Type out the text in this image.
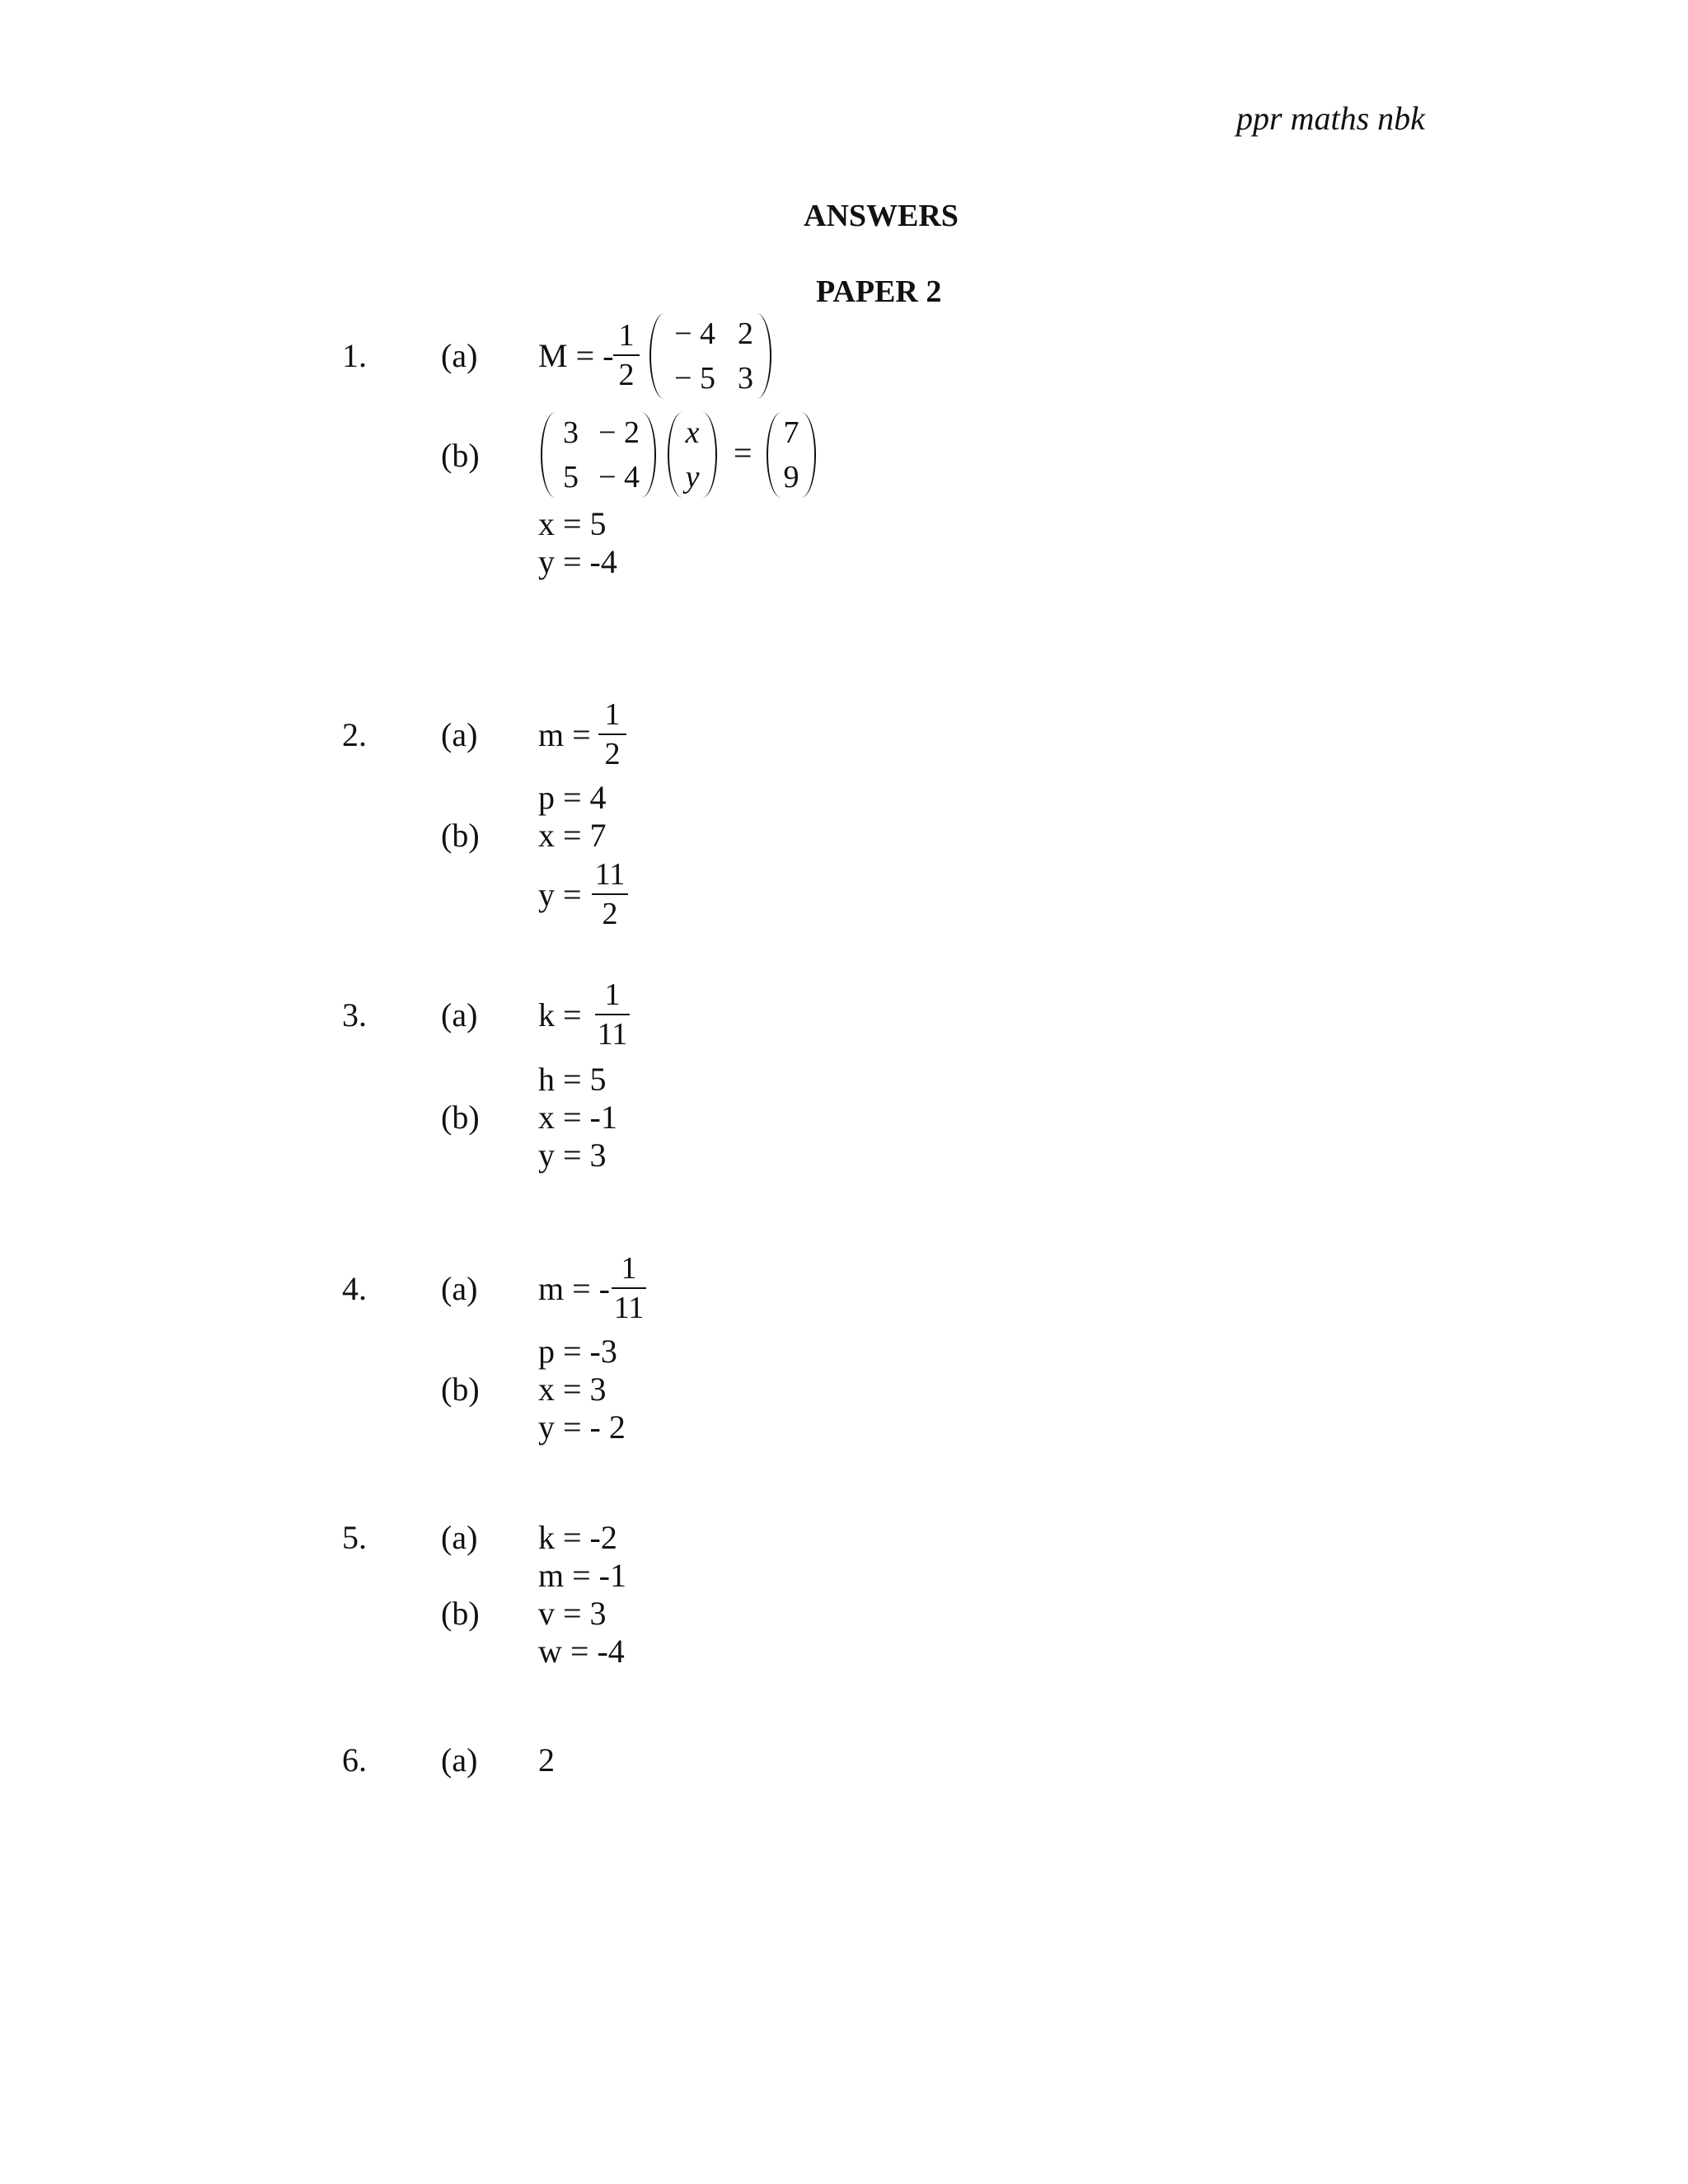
ppr maths nbk
ANSWERS
PAPER 2
1. (a) M = -
1
2
− 4 2
− 5 3
(b)
3 − 2
5 − 4
x
y
=
7
9
x = 5
y = -4
2. (a) m =
1
2
p = 4
(b) x = 7
y =
11
2
3. (a) k =
1
11
h = 5
(b) x = -1
y = 3
4. (a) m = -
1
11
p = -3
(b) x = 3
y = - 2
5. (a) k = -2
m = -1
(b) v = 3
w = -4
6. (a) 2
